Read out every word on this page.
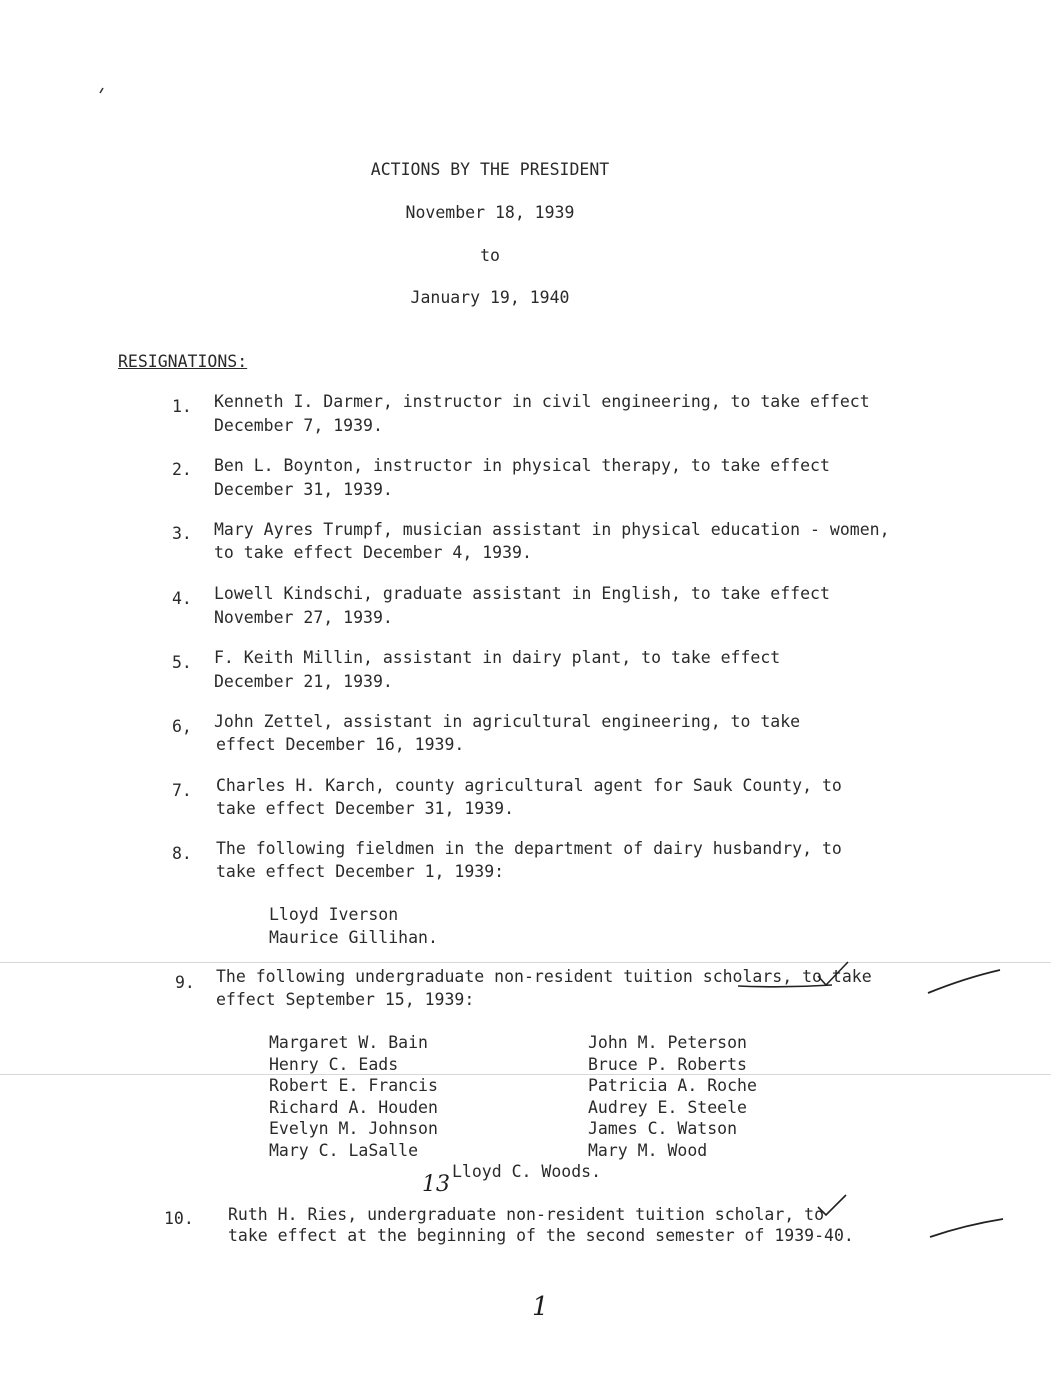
ACTIONS BY THE PRESIDENT
November 18, 1939
to
January 19, 1940
RESIGNATIONS:
1. Kenneth I. Darmer, instructor in civil engineering, to take effect
December 7, 1939.
2. Ben L. Boynton, instructor in physical therapy, to take effect
December 31, 1939.
3. Mary Ayres Trumpf, musician assistant in physical education - women,
to take effect December 4, 1939.
4. Lowell Kindschi, graduate assistant in English, to take effect
November 27, 1939.
5. F. Keith Millin, assistant in dairy plant, to take effect
December 21, 1939.
6, John Zettel, assistant in agricultural engineering, to take
effect December 16, 1939.
7. Charles H. Karch, county agricultural agent for Sauk County, to
take effect December 31, 1939.
8. The following fieldmen in the department of dairy husbandry, to
take effect December 1, 1939:
Lloyd Iverson
Maurice Gillihan.
9. The following undergraduate non-resident tuition scholars, to take
effect September 15, 1939:
Margaret W. Bain
Henry C. Eads
Robert E. Francis
Richard A. Houden
Evelyn M. Johnson
Mary C. LaSalle
John M. Peterson
Bruce P. Roberts
Patricia A. Roche
Audrey E. Steele
James C. Watson
Mary M. Wood
Lloyd C. Woods.
13
10. Ruth H. Ries, undergraduate non-resident tuition scholar, to
take effect at the beginning of the second semester of 1939-40.
1
